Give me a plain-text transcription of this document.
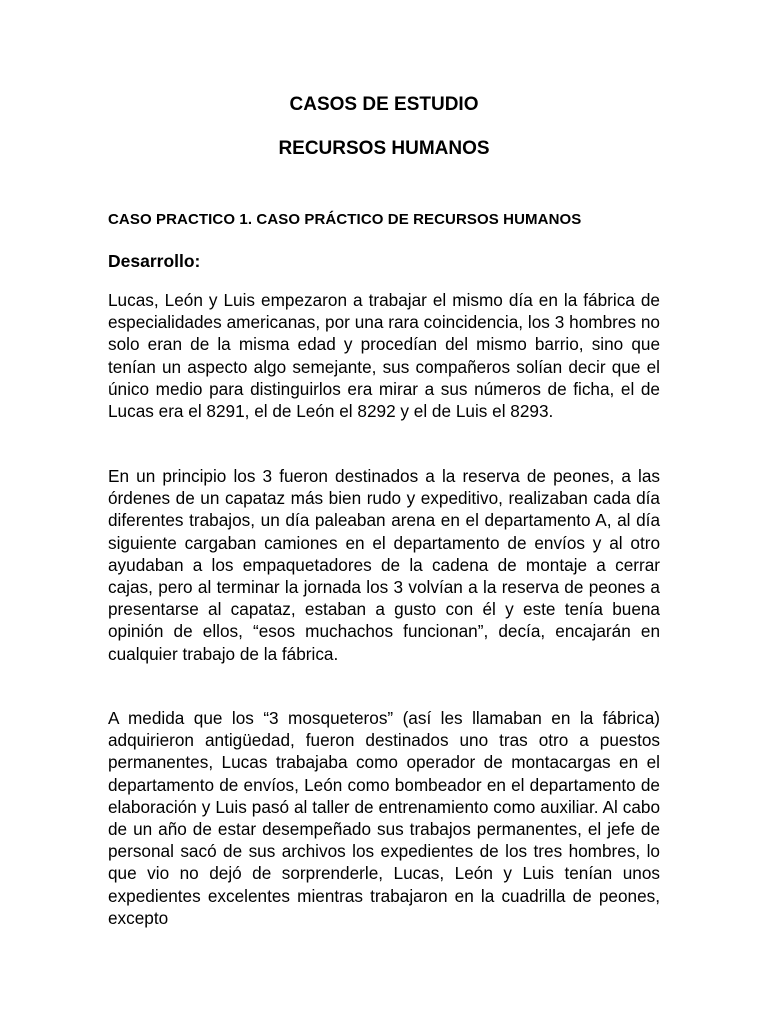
CASOS DE ESTUDIO
RECURSOS HUMANOS
CASO PRACTICO 1. CASO PRÁCTICO DE RECURSOS HUMANOS
Desarrollo:

Lucas, León y Luis empezaron a trabajar el mismo día en la fábrica de especialidades americanas, por una rara coincidencia, los 3 hombres no solo eran de la misma edad y procedían del mismo barrio, sino que tenían un aspecto algo semejante, sus compañeros solían decir que el único medio para distinguirlos era mirar a sus números de ficha, el de Lucas era el 8291, el de León el 8292 y el de Luis el 8293.

En un principio los 3 fueron destinados a la reserva de peones, a las órdenes de un capataz más bien rudo y expeditivo, realizaban cada día diferentes trabajos, un día paleaban arena en el departamento A, al día siguiente cargaban camiones en el departamento de envíos y al otro ayudaban a los empaquetadores de la cadena de montaje a cerrar cajas, pero al terminar la jornada los 3 volvían a la reserva de peones a presentarse al capataz, estaban a gusto con él y este tenía buena opinión de ellos, “esos muchachos funcionan”, decía, encajarán en cualquier trabajo de la fábrica.

A medida que los “3 mosqueteros” (así les llamaban en la fábrica) adquirieron antigüedad, fueron destinados uno tras otro a puestos permanentes, Lucas trabajaba como operador de montacargas en el departamento de envíos, León como bombeador en el departamento de elaboración y Luis pasó al taller de entrenamiento como auxiliar. Al cabo de un año de estar desempeñado sus trabajos permanentes, el jefe de personal sacó de sus archivos los expedientes de los tres hombres, lo que vio no dejó de sorprenderle, Lucas, León y Luis tenían unos expedientes excelentes mientras trabajaron en la cuadrilla de peones, excepto
